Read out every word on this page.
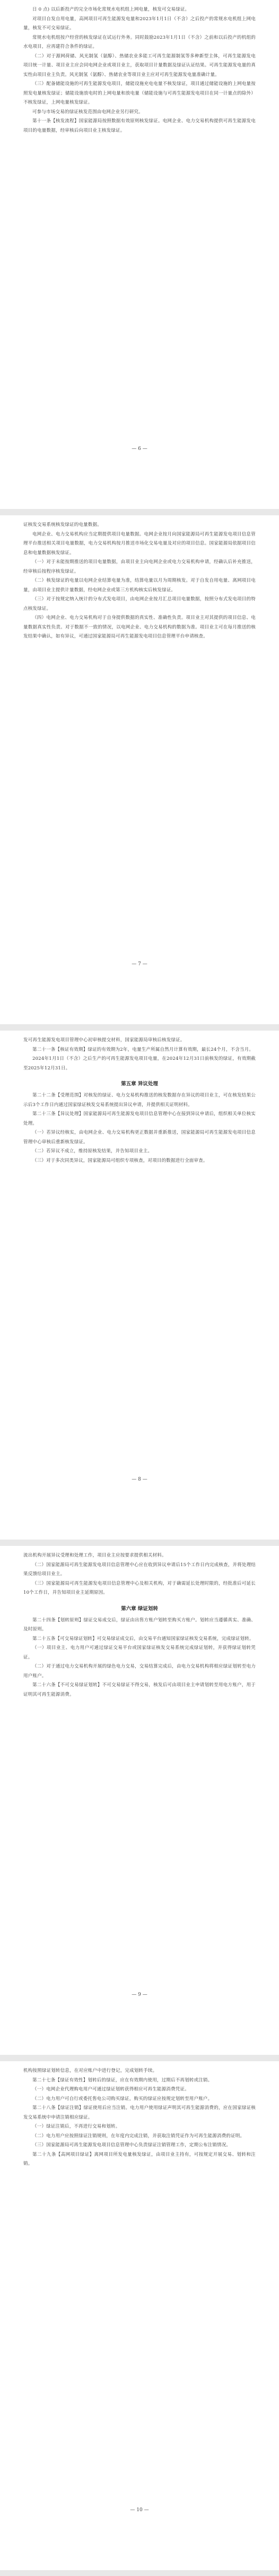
日 0 点) 以后新投产的完全市场化常规水电机组上网电量，核发可交易绿证。

对项目自发自用电量，高网项目可再生能源发电量和2023年1月1日（不含）之后投产的常规水电机组上网电量，核发不可交易绿证。

常规水电机组按户经营的核发绿证在试运行外务。同时鼓励2023年1月1日（不含）之前和以后投产的机组的水电项目，应再建符合条件的绿证。

（二）对于源网荷储、风光制氢（氨醇）、热储农业多能工可再生能源制氢等多种新型主体，可再生能源发电项目统一计量、项目业主应会同电网企业或项目业主，获取项目计量数据及绿证认证结果。可再生能源发电量的真实性由项目业主负责。风光制氢（氨醇）、热储农业等项目业主应对可再生能源发电量准确计量。

（三）配备储能设施的可再生能源发电项目，储能设施充电电量不核发绿证，项目通过储能设施的上网电量按照发电量核发绿证；储能设施放电时的上网电量和放电量（储能设施与可再生能源发电项目在同一计量点的除外）不核发绿证，上网电量核发绿证。

可参与市场交易的绿证核发范围由电网企业另行研究。

第十一条【核发流程】国家能源局按照数据有效原则核发绿证。电网企业、电力交易机构提供可再生能源发电项目的电量数据，经审核后向项目业主核发绿证。

— 6 —

证核发交易系统核发绿证的电量数据。

电网企业、电力交易机构应当定期提供项目电量数据。电网企业按月向国家能源局可再生能源发电项目信息管理平台推送相关项目电量数据，电力交易机构按月推送市场化交易电量及对应的项目信息。国家能源局依据项目信息和电量数据核发绿证。

（一）对于未能按期推送的项目电量数据，由项目业主向电网企业或电力交易机构申请，经确认后补充推送，经审核后按程序核发绿证。

（二）核发绿证的电量以电网企业结算电量为准，结算电量以月为周期核发。对于自发自用电量、离网项目电量，由项目业主提供计量数据，经电网企业或第三方机构核实后核发绿证。

（三）对于按规定纳入统计的分布式发电项目，由电网企业按月汇总项目电量数据，按照分布式发电项目的特点核发绿证。

（四）电网企业、电力交易机构对于自身提供数据的真实性、准确性负责。项目业主对其提供的项目信息、电量数据真实性负责。对于数据不一致的情况，以电网企业、电力交易机构的数据为准。项目业主可在每月推送的核发结果中确认，如有异议，可通过国家能源局可再生能源发电项目信息管理平台申请核查。

— 7 —

发可再生能源发电项目管理中心初审核提交材料，国家能源局审核后核发绿证。

第二十一条【核证有效期】绿证的有效期为2年，电量生产所属自然月计算有效期，最长24个月，不含当月。

2024年1月1日（不含）之后生产的可再生能源发电项目电量，在2024年12月31日前核发的绿证，有效期截至2025年12月31日。

第五章 异议处理

第二十二条【受理范围】对核发的绿证、电力交易机构推送的核发数据存在异议的项目业主，可在核发结果公示后3个工作日内通过国家绿证核发交易系统提出异议申请，并提供相关证明材料。

第二十三条【异议处理】国家能源局可再生能源发电项目信息管理中心在接到异议申请后，组织相关单位核实处理。

（一）若异议经核实，由电网企业、电力交易机构更正数据并重新推送，国家能源局可再生能源发电项目信息管理中心审核后重新核发绿证。

（二）若异议不成立，维持原核发结果，并告知项目业主。

（三）对于多次同类异议，国家能源局可组织专项核查，对项目的数据进行全面审查。

— 8 —

流出机构开展异议受理和处理工作，项目业主应按要求提供相关材料。

（二）国家能源局可再生能源发电项目信息管理中心应在收到异议申请后15个工作日内完成核查，并将处理结果反馈给项目业主。

（三）国家能源局可再生能源发电项目信息管理中心及相关机构，对于确需延长处理时限的，经批准后可延长10个工作日，并告知项目业主延期原因。

第六章 绿证划转

第二十四条【划转原则】绿证交易成交后，绿证由出售方账户划转至购买方账户。划转应当遵循真实、准确、及时原则。

第二十五条【可交易绿证划转】可交易绿证成交后，由交易平台通知国家绿证核发交易系统，完成绿证划转。

（一）项目业主、电力用户可通过绿证交易平台或国家绿证核发交易系统完成绿证划转，并获得绿证划转凭证。

（二）对于通过电力交易机构开展的绿色电力交易，交易结算完成后，由电力交易机构将相应绿证划转至电力用户账户。

第二十六条【不可交易绿证划转】不可交易绿证不得交易，核发后可由项目业主申请划转至用电方账户，用于证明其可再生能源消费。

— 9 —

机构按照绿证划转信息，在对应账户中进行登记，完成划转手续。

第二十七条【绿证有效性】划转后的绿证，应在有效期内使用，过期后不再划转或注销。

（一）电网企业代理购电用户可通过绿证划转获得相应可再生能源消费凭证。

（二）电力用户可自行或委托售电公司购买绿证，购买的绿证应按规定划转至用户账户。

第二十八条【绿证注销】绿证使用后应当注销。电力用户使用绿证声明其可再生能源消费的，应在国家绿证核发交易系统中申请注销相应绿证。

（一）绿证注销后，不再进行交易和划转。

（二）电力用户应按照绿证注销规则，在年度内完成注销，并获取注销凭证作为可再生能源消费的证明。

（三）国家能源局可再生能源发电项目信息管理中心负责绿证注销管理工作，定期公布注销情况。

第二十九条【高网项目绿证】离网项目所发电量核发绿证，由项目业主持有，可按规定开展交易、划转和注销。

— 10 —
